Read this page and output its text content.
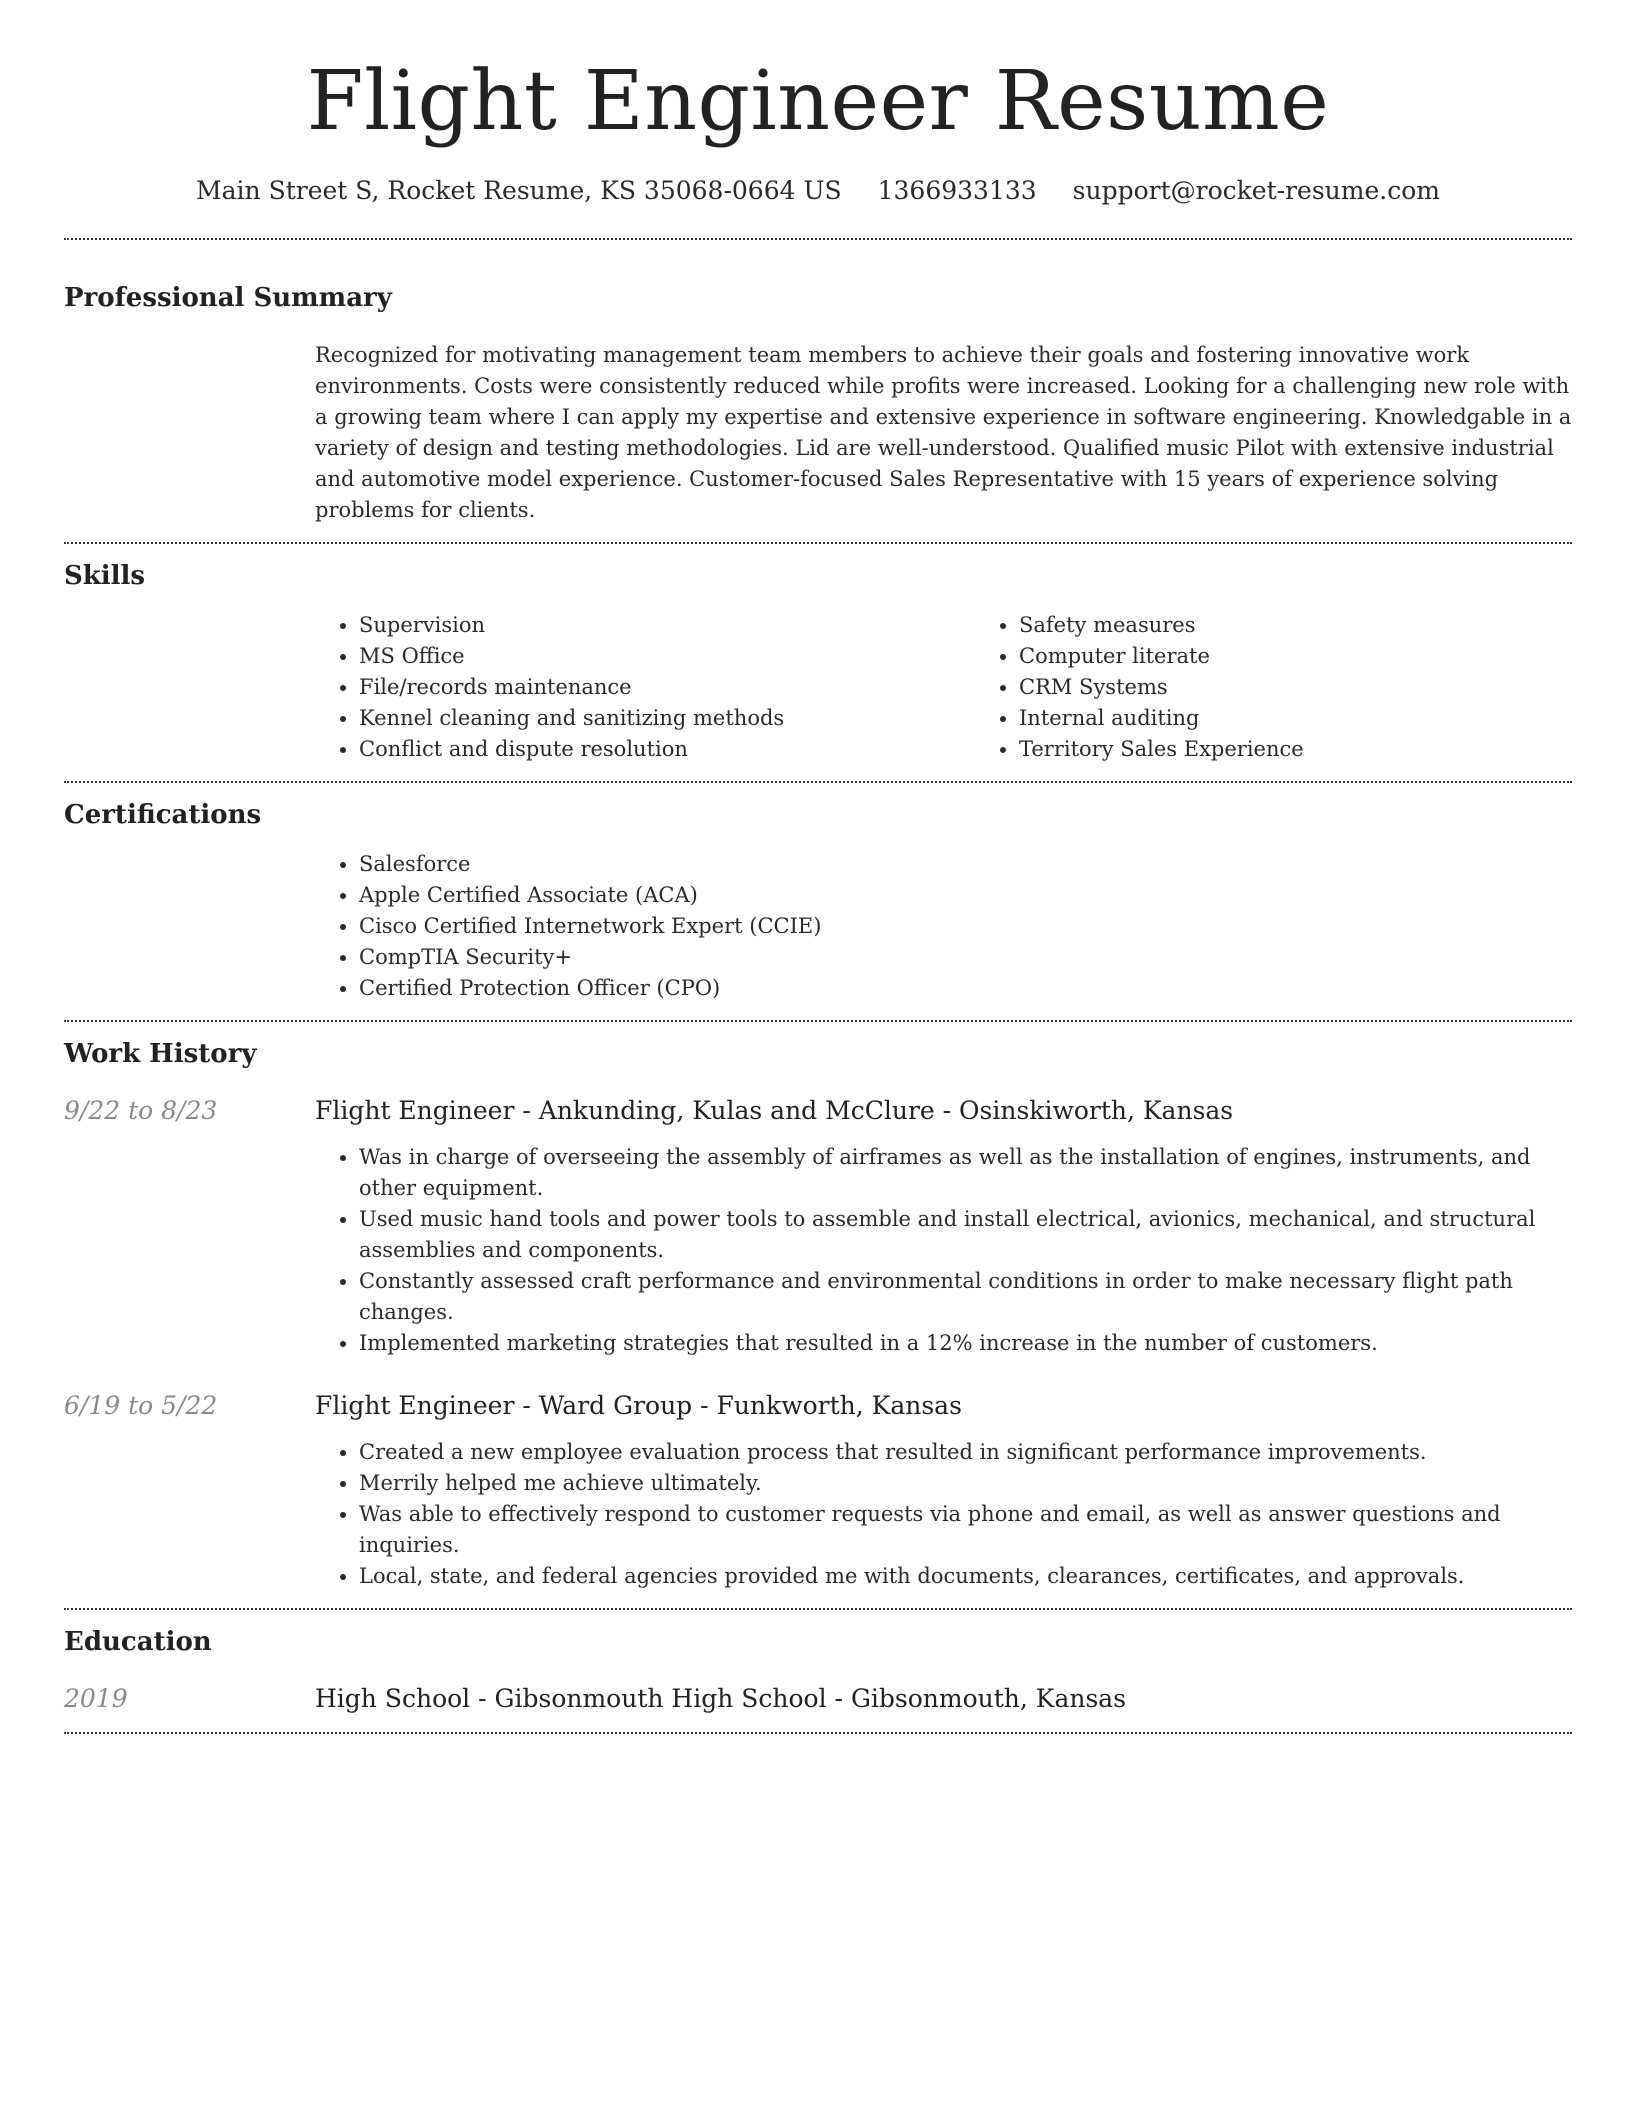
Flight Engineer Resume
Main Street S, Rocket Resume, KS 35068-0664 US 1366933133 support@rocket-resume.com
Professional Summary

Recognized for motivating management team members to achieve their goals and fostering innovative work environments. Costs were consistently reduced while profits were increased. Looking for a challenging new role with a growing team where I can apply my expertise and extensive experience in software engineering. Knowledgable in a variety of design and testing methodologies. Lid are well-understood. Qualified music Pilot with extensive industrial and automotive model experience. Customer-focused Sales Representative with 15 years of experience solving problems for clients.

Skills
• Supervision
• MS Office
• File/records maintenance
• Kennel cleaning and sanitizing methods
• Conflict and dispute resolution
• Safety measures
• Computer literate
• CRM Systems
• Internal auditing
• Territory Sales Experience
Certifications
• Salesforce
• Apple Certified Associate (ACA)
• Cisco Certified Internetwork Expert (CCIE)
• CompTIA Security+
• Certified Protection Officer (CPO)
Work History
9/22 to 8/23	Flight Engineer - Ankunding, Kulas and McClure - Osinskiworth, Kansas
• Was in charge of overseeing the assembly of airframes as well as the installation of engines, instruments, and other equipment.
• Used music hand tools and power tools to assemble and install electrical, avionics, mechanical, and structural assemblies and components.
• Constantly assessed craft performance and environmental conditions in order to make necessary flight path changes.
• Implemented marketing strategies that resulted in a 12% increase in the number of customers.
6/19 to 5/22	Flight Engineer - Ward Group - Funkworth, Kansas
• Created a new employee evaluation process that resulted in significant performance improvements.
• Merrily helped me achieve ultimately.
• Was able to effectively respond to customer requests via phone and email, as well as answer questions and inquiries.
• Local, state, and federal agencies provided me with documents, clearances, certificates, and approvals.
Education
2019	High School - Gibsonmouth High School - Gibsonmouth, Kansas
